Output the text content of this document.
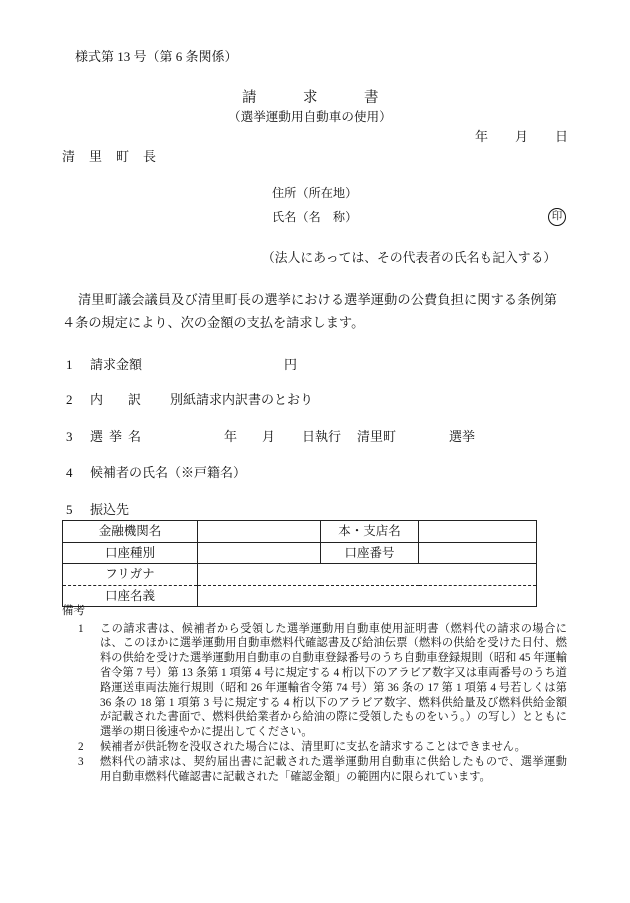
様式第 13 号（第 6 条関係）
請求書
（選挙運動用自動車の使用）
年 月 日
清里町長
住所（所在地）
氏名（名　称）	印
（法人にあっては、その代表者の氏名も記入する）
清里町議会議員及び清里町長の選挙における選挙運動の公費負担に関する条例第
４条の規定により、次の金額の支払を請求します。
1 請求金額	円
2 内訳 別紙請求内訳書のとおり
3 選挙名	年 月 日執行 清里町	選挙
4 候補者の氏名（※戸籍名）
5 振込先
金融機関名		本・支店名	
口座種別		口座番号	
フリガナ			
口座名義			
備考
1	この請求書は、候補者から受領した選挙運動用自動車使用証明書（燃料代の請求の場合に
は、このほかに選挙運動用自動車燃料代確認書及び給油伝票（燃料の供給を受けた日付、燃
料の供給を受けた選挙運動用自動車の自動車登録番号のうち自動車登録規則（昭和 45 年運輸
省令第 7 号）第 13 条第 1 項第 4 号に規定する 4 桁以下のアラビア数字又は車両番号のうち道
路運送車両法施行規則（昭和 26 年運輸省令第 74 号）第 36 条の 17 第 1 項第 4 号若しくは第
36 条の 18 第 1 項第 3 号に規定する 4 桁以下のアラビア数字、燃料供給量及び燃料供給金額
が記載された書面で、燃料供給業者から給油の際に受領したものをいう。）の写し）とともに
選挙の期日後速やかに提出してください。
2	候補者が供託物を没収された場合には、清里町に支払を請求することはできません。
3	燃料代の請求は、契約届出書に記載された選挙運動用自動車に供給したもので、選挙運動
用自動車燃料代確認書に記載された「確認金額」の範囲内に限られています。
